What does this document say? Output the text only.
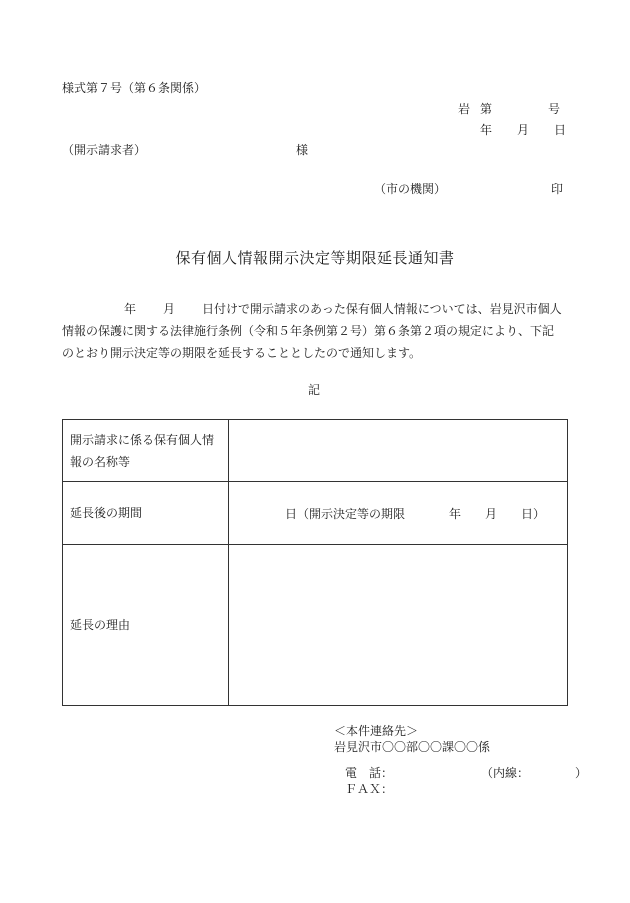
様式第７号（第６条関係）
岩 第	号
年 月 日
（開示請求者）	様
（市の機関）	印
保有個人情報開示決定等期限延長通知書
年 月 日付けで開示請求のあった保有個人情報については、岩見沢市個人
情報の保護に関する法律施行条例（令和５年条例第２号）第６条第２項の規定により、下記
のとおり開示決定等の期限を延長することとしたので通知します。
記
開示請求に係る保有個人情報の名称等	
延長後の期間	日（開示決定等の期限 年 月 日）
延長の理由	
＜本件連絡先＞
岩見沢市〇〇部〇〇課〇〇係
電　話：	（内線：	）
ＦＡＸ：
